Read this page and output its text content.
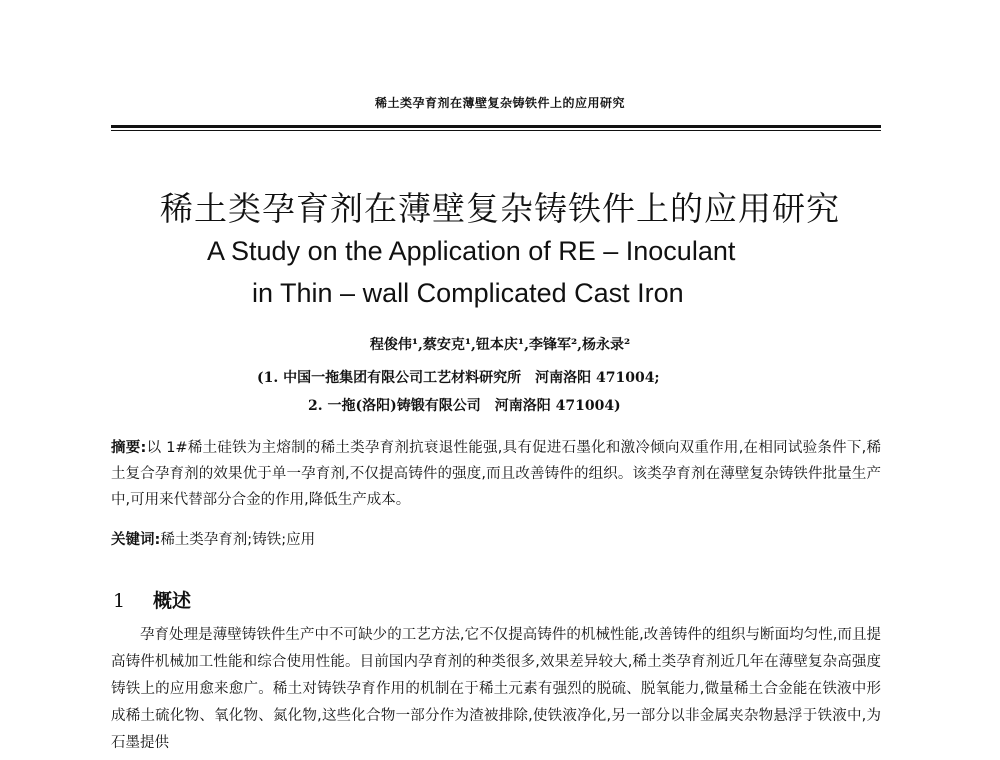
稀土类孕育剂在薄壁复杂铸铁件上的应用研究
稀土类孕育剂在薄壁复杂铸铁件上的应用研究
A Study on the Application of RE – Inoculant
in Thin – wall Complicated Cast Iron
程俊伟¹,蔡安克¹,钮本庆¹,李锋军²,杨永录²
(1. 中国一拖集团有限公司工艺材料研究所　河南洛阳 471004;
2. 一拖(洛阳)铸锻有限公司　河南洛阳 471004)
摘要:以 1#稀土硅铁为主熔制的稀土类孕育剂抗衰退性能强,具有促进石墨化和激冷倾向双重作用,在相同试验条件下,稀土复合孕育剂的效果优于单一孕育剂,不仅提高铸件的强度,而且改善铸件的组织。该类孕育剂在薄壁复杂铸铁件批量生产中,可用来代替部分合金的作用,降低生产成本。
关键词:稀土类孕育剂;铸铁;应用
1 概述
孕育处理是薄壁铸铁件生产中不可缺少的工艺方法,它不仅提高铸件的机械性能,改善铸件的组织与断面均匀性,而且提高铸件机械加工性能和综合使用性能。目前国内孕育剂的种类很多,效果差异较大,稀土类孕育剂近几年在薄壁复杂高强度铸铁上的应用愈来愈广。稀土对铸铁孕育作用的机制在于稀土元素有强烈的脱硫、脱氧能力,微量稀土合金能在铁液中形成稀土硫化物、氧化物、氮化物,这些化合物一部分作为渣被排除,使铁液净化,另一部分以非金属夹杂物悬浮于铁液中,为石墨提供
